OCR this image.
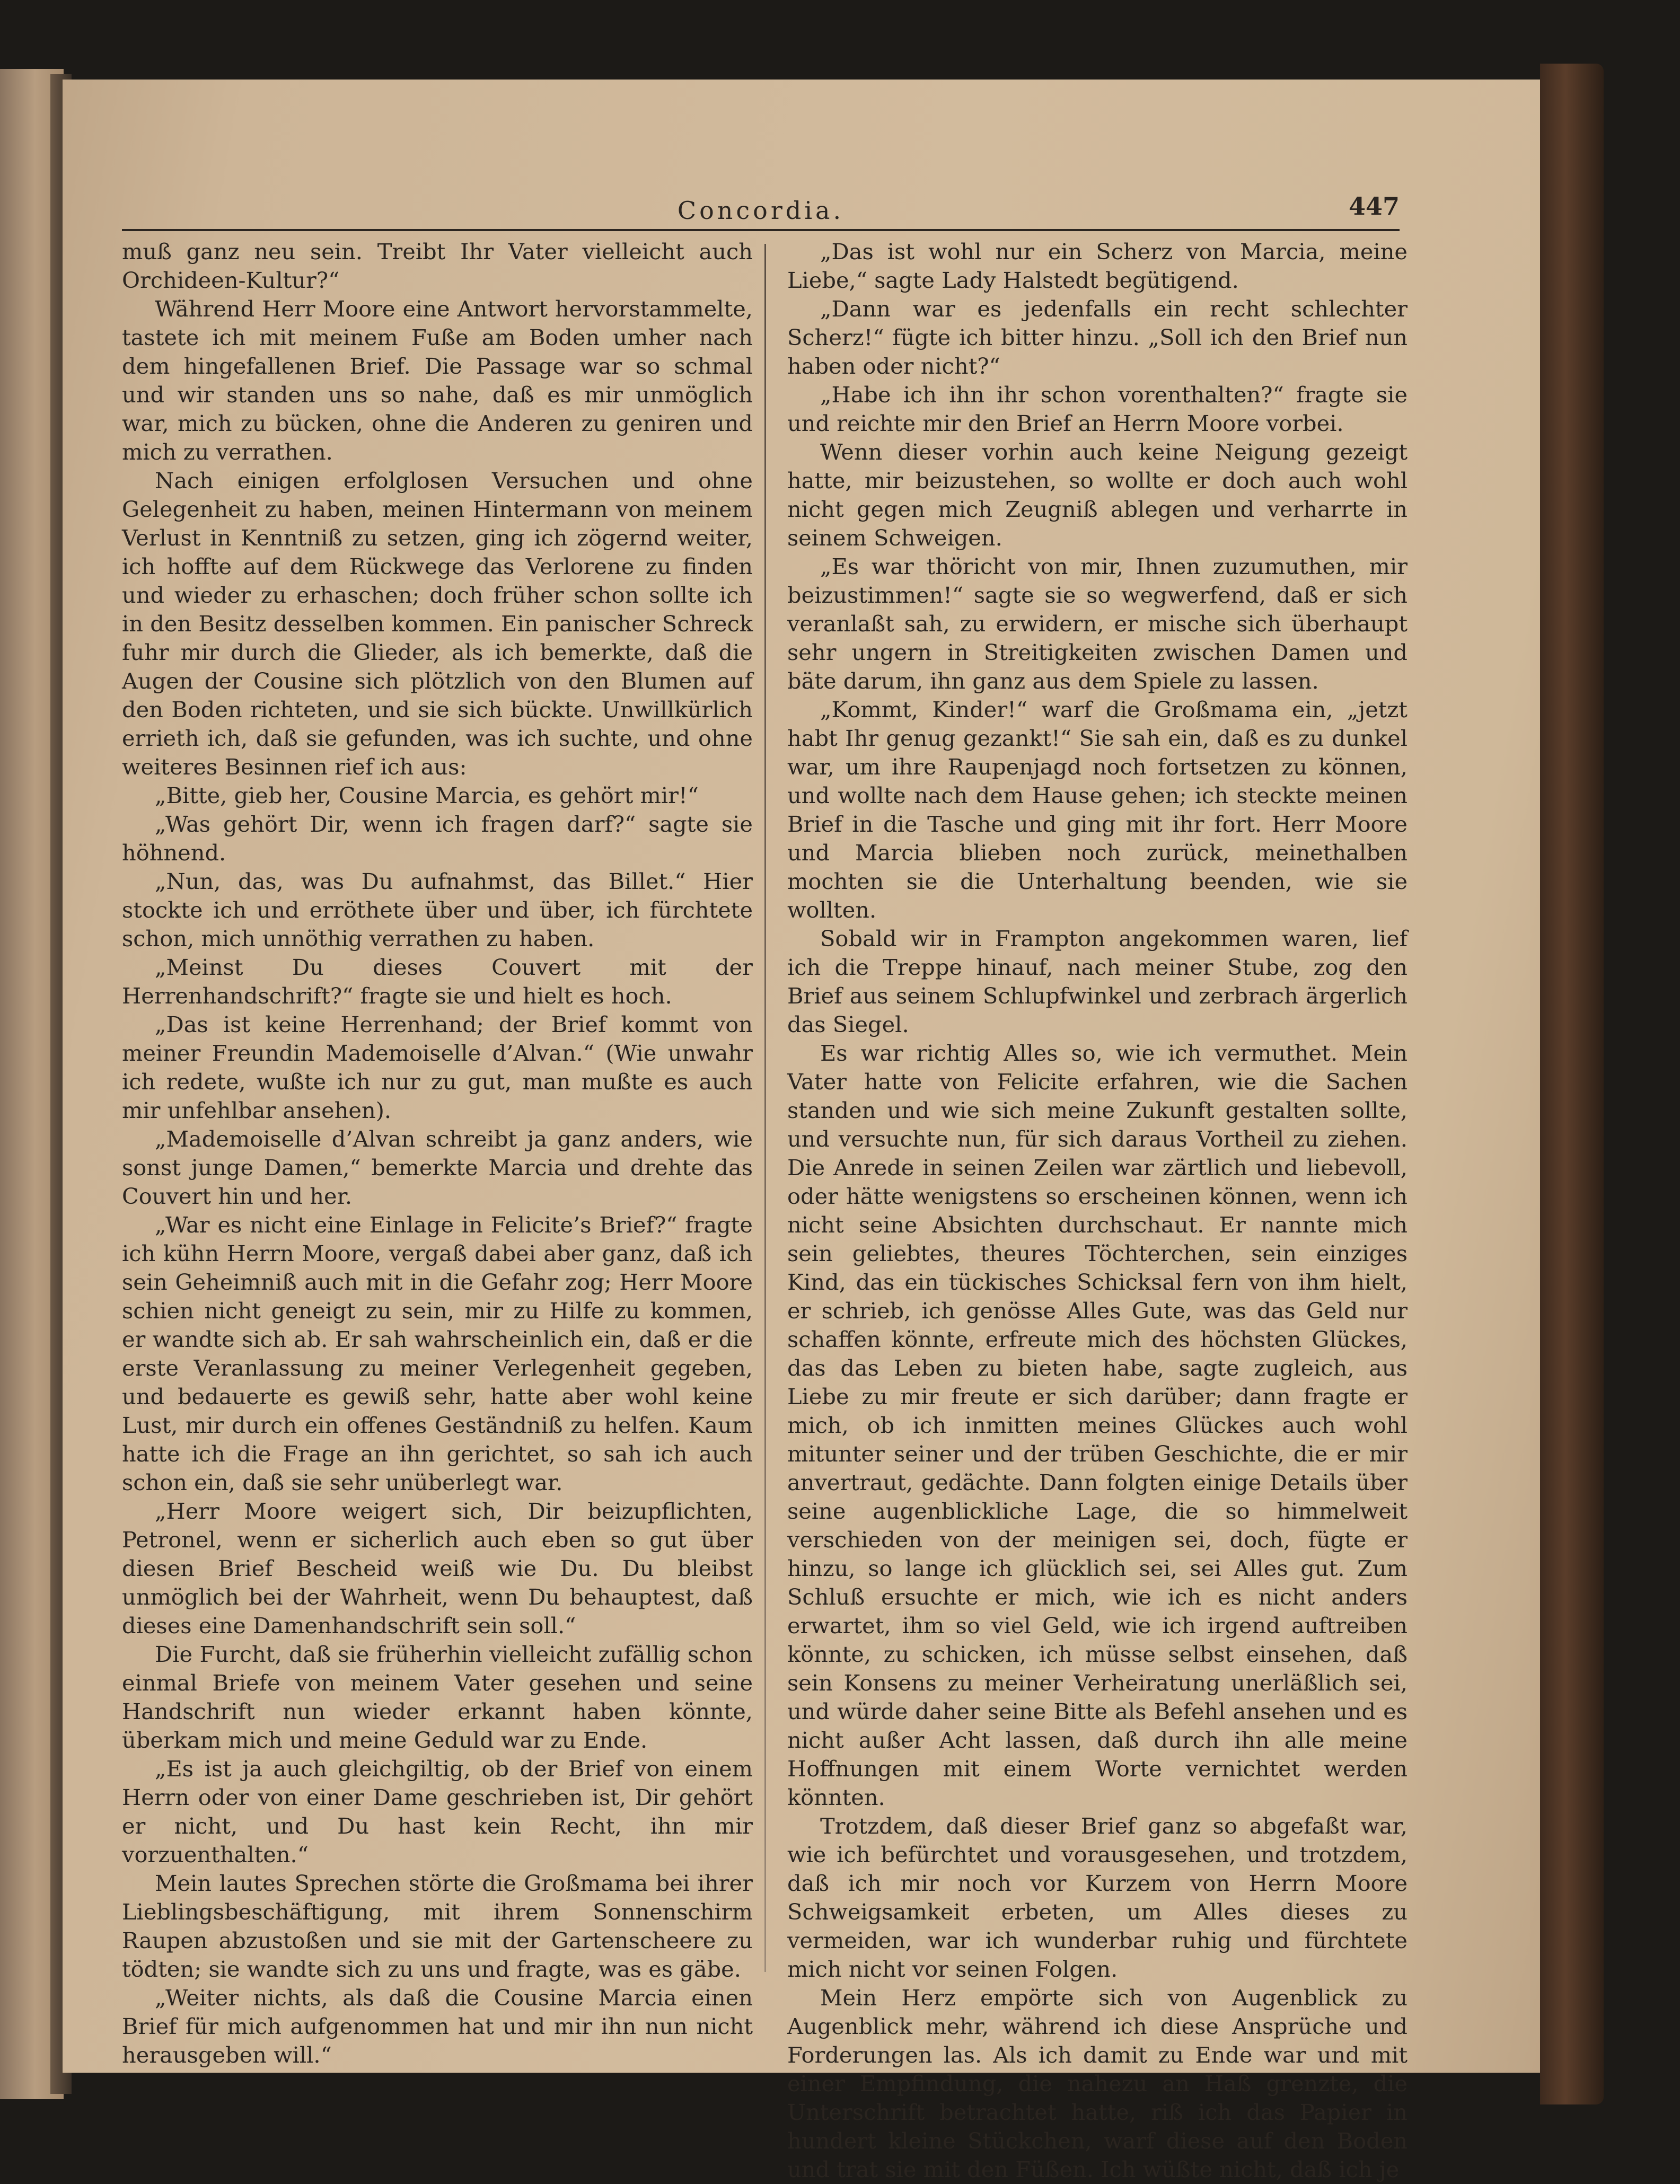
Concordia.	447

muß ganz neu sein. Treibt Ihr Vater vielleicht auch Orchideen-Kultur?“

Während Herr Moore eine Antwort hervorstammelte, tastete ich mit meinem Fuße am Boden umher nach dem hingefallenen Brief. Die Passage war so schmal und wir standen uns so nahe, daß es mir unmöglich war, mich zu bücken, ohne die Anderen zu geniren und mich zu verrathen.

Nach einigen erfolglosen Versuchen und ohne Gelegenheit zu haben, meinen Hintermann von meinem Verlust in Kenntniß zu setzen, ging ich zögernd weiter, ich hoffte auf dem Rückwege das Verlorene zu finden und wieder zu erhaschen; doch früher schon sollte ich in den Besitz desselben kommen. Ein panischer Schreck fuhr mir durch die Glieder, als ich bemerkte, daß die Augen der Cousine sich plötzlich von den Blumen auf den Boden richteten, und sie sich bückte. Unwillkürlich errieth ich, daß sie gefunden, was ich suchte, und ohne weiteres Besinnen rief ich aus:

„Bitte, gieb her, Cousine Marcia, es gehört mir!“

„Was gehört Dir, wenn ich fragen darf?“ sagte sie höhnend.

„Nun, das, was Du aufnahmst, das Billet.“ Hier stockte ich und erröthete über und über, ich fürchtete schon, mich unnöthig verrathen zu haben.

„Meinst Du dieses Couvert mit der Herrenhandschrift?“ fragte sie und hielt es hoch.

„Das ist keine Herrenhand; der Brief kommt von meiner Freundin Mademoiselle d’Alvan.“ (Wie unwahr ich redete, wußte ich nur zu gut, man mußte es auch mir unfehlbar ansehen).

„Mademoiselle d’Alvan schreibt ja ganz anders, wie sonst junge Damen,“ bemerkte Marcia und drehte das Couvert hin und her.

„War es nicht eine Einlage in Felicite’s Brief?“ fragte ich kühn Herrn Moore, vergaß dabei aber ganz, daß ich sein Geheimniß auch mit in die Gefahr zog; Herr Moore schien nicht geneigt zu sein, mir zu Hilfe zu kommen, er wandte sich ab. Er sah wahrscheinlich ein, daß er die erste Veranlassung zu meiner Verlegenheit gegeben, und bedauerte es gewiß sehr, hatte aber wohl keine Lust, mir durch ein offenes Geständniß zu helfen. Kaum hatte ich die Frage an ihn gerichtet, so sah ich auch schon ein, daß sie sehr unüberlegt war.

„Herr Moore weigert sich, Dir beizupflichten, Petronel, wenn er sicherlich auch eben so gut über diesen Brief Bescheid weiß wie Du. Du bleibst unmöglich bei der Wahrheit, wenn Du behauptest, daß dieses eine Damenhandschrift sein soll.“

Die Furcht, daß sie früherhin vielleicht zufällig schon einmal Briefe von meinem Vater gesehen und seine Handschrift nun wieder erkannt haben könnte, überkam mich und meine Geduld war zu Ende.

„Es ist ja auch gleichgiltig, ob der Brief von einem Herrn oder von einer Dame geschrieben ist, Dir gehört er nicht, und Du hast kein Recht, ihn mir vorzuenthalten.“

Mein lautes Sprechen störte die Großmama bei ihrer Lieblingsbeschäftigung, mit ihrem Sonnenschirm Raupen abzustoßen und sie mit der Gartenscheere zu tödten; sie wandte sich zu uns und fragte, was es gäbe.

„Weiter nichts, als daß die Cousine Marcia einen Brief für mich aufgenommen hat und mir ihn nun nicht herausgeben will.“

„Das ist wohl nur ein Scherz von Marcia, meine Liebe,“ sagte Lady Halstedt begütigend.

„Dann war es jedenfalls ein recht schlechter Scherz!“ fügte ich bitter hinzu. „Soll ich den Brief nun haben oder nicht?“

„Habe ich ihn ihr schon vorenthalten?“ fragte sie und reichte mir den Brief an Herrn Moore vorbei.

Wenn dieser vorhin auch keine Neigung gezeigt hatte, mir beizustehen, so wollte er doch auch wohl nicht gegen mich Zeugniß ablegen und verharrte in seinem Schweigen.

„Es war thöricht von mir, Ihnen zuzumuthen, mir beizustimmen!“ sagte sie so wegwerfend, daß er sich veranlaßt sah, zu erwidern, er mische sich überhaupt sehr ungern in Streitigkeiten zwischen Damen und bäte darum, ihn ganz aus dem Spiele zu lassen.

„Kommt, Kinder!“ warf die Großmama ein, „jetzt habt Ihr genug gezankt!“ Sie sah ein, daß es zu dunkel war, um ihre Raupenjagd noch fortsetzen zu können, und wollte nach dem Hause gehen; ich steckte meinen Brief in die Tasche und ging mit ihr fort. Herr Moore und Marcia blieben noch zurück, meinethalben mochten sie die Unterhaltung beenden, wie sie wollten.

Sobald wir in Frampton angekommen waren, lief ich die Treppe hinauf, nach meiner Stube, zog den Brief aus seinem Schlupfwinkel und zerbrach ärgerlich das Siegel.

Es war richtig Alles so, wie ich vermuthet. Mein Vater hatte von Felicite erfahren, wie die Sachen standen und wie sich meine Zukunft gestalten sollte, und versuchte nun, für sich daraus Vortheil zu ziehen. Die Anrede in seinen Zeilen war zärtlich und liebevoll, oder hätte wenigstens so erscheinen können, wenn ich nicht seine Absichten durchschaut. Er nannte mich sein geliebtes, theures Töchterchen, sein einziges Kind, das ein tückisches Schicksal fern von ihm hielt, er schrieb, ich genösse Alles Gute, was das Geld nur schaffen könnte, erfreute mich des höchsten Glückes, das das Leben zu bieten habe, sagte zugleich, aus Liebe zu mir freute er sich darüber; dann fragte er mich, ob ich inmitten meines Glückes auch wohl mitunter seiner und der trüben Geschichte, die er mir anvertraut, gedächte. Dann folgten einige Details über seine augenblickliche Lage, die so himmelweit verschieden von der meinigen sei, doch, fügte er hinzu, so lange ich glücklich sei, sei Alles gut. Zum Schluß ersuchte er mich, wie ich es nicht anders erwartet, ihm so viel Geld, wie ich irgend auftreiben könnte, zu schicken, ich müsse selbst einsehen, daß sein Konsens zu meiner Verheiratung unerläßlich sei, und würde daher seine Bitte als Befehl ansehen und es nicht außer Acht lassen, daß durch ihn alle meine Hoffnungen mit einem Worte vernichtet werden könnten.

Trotzdem, daß dieser Brief ganz so abgefaßt war, wie ich befürchtet und vorausgesehen, und trotzdem, daß ich mir noch vor Kurzem von Herrn Moore Schweigsamkeit erbeten, um Alles dieses zu vermeiden, war ich wunderbar ruhig und fürchtete mich nicht vor seinen Folgen.

Mein Herz empörte sich von Augenblick zu Augenblick mehr, während ich diese Ansprüche und Forderungen las. Als ich damit zu Ende war und mit einer Empfindung, die nahezu an Haß grenzte, die Unterschrift betrachtet hatte, riß ich das Papier in hundert kleine Stückchen, warf diese auf den Boden und trat sie mit den Füßen. Ich wüßte nicht, daß ich je
